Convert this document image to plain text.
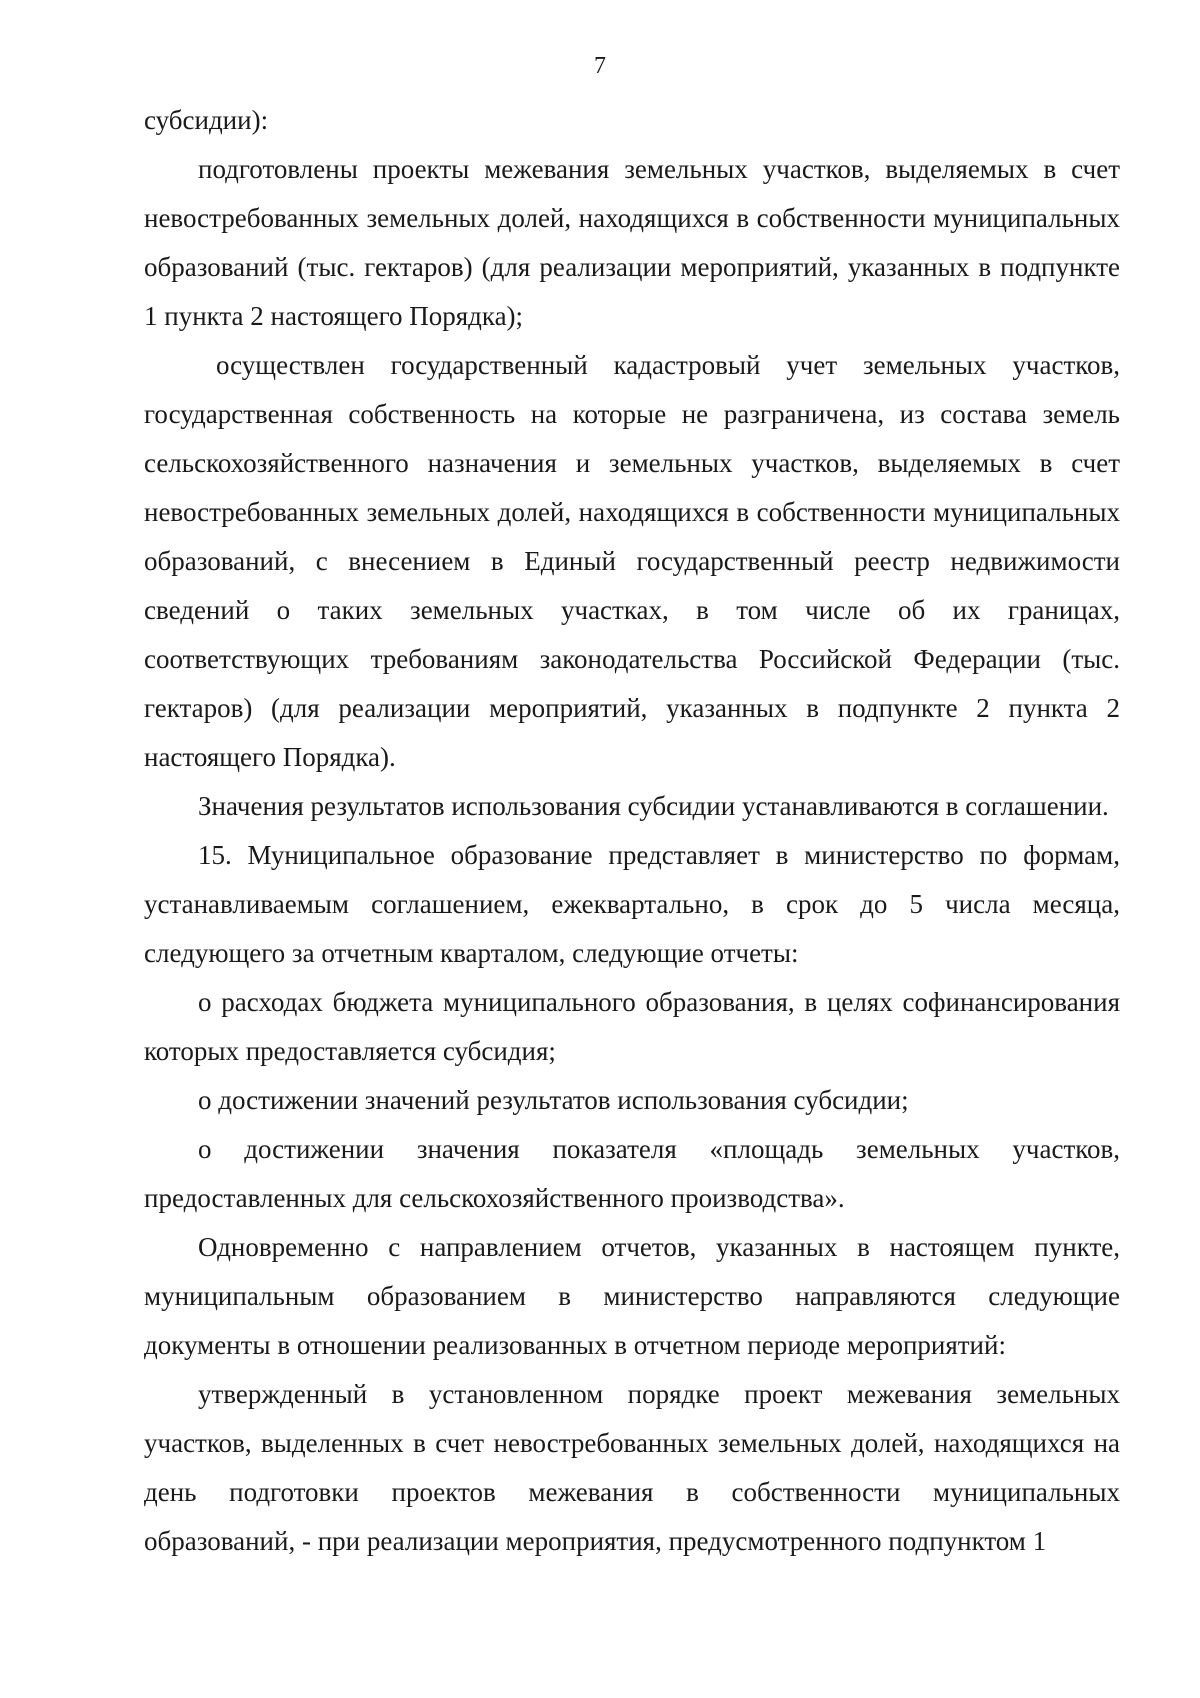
7

субсидии):

подготовлены проекты межевания земельных участков, выделяемых в счет невостребованных земельных долей, находящихся в собственности муниципальных образований (тыс. гектаров) (для реализации мероприятий, указанных в подпункте 1 пункта 2 настоящего Порядка);

осуществлен государственный кадастровый учет земельных участков, государственная собственность на которые не разграничена, из состава земель сельскохозяйственного назначения и земельных участков, выделяемых в счет невостребованных земельных долей, находящихся в собственности муниципальных образований, с внесением в Единый государственный реестр недвижимости сведений о таких земельных участках, в том числе об их границах, соответствующих требованиям законодательства Российской Федерации (тыс. гектаров) (для реализации мероприятий, указанных в подпункте 2 пункта 2 настоящего Порядка).

Значения результатов использования субсидии устанавливаются в соглашении.

15. Муниципальное образование представляет в министерство по формам, устанавливаемым соглашением, ежеквартально, в срок до 5 числа месяца, следующего за отчетным кварталом, следующие отчеты:

о расходах бюджета муниципального образования, в целях софинансирования которых предоставляется субсидия;

о достижении значений результатов использования субсидии;

о достижении значения показателя «площадь земельных участков, предоставленных для сельскохозяйственного производства».

Одновременно с направлением отчетов, указанных в настоящем пункте, муниципальным образованием в министерство направляются следующие документы в отношении реализованных в отчетном периоде мероприятий:

утвержденный в установленном порядке проект межевания земельных участков, выделенных в счет невостребованных земельных долей, находящихся на день подготовки проектов межевания в собственности муниципальных образований, - при реализации мероприятия, предусмотренного подпунктом 1
